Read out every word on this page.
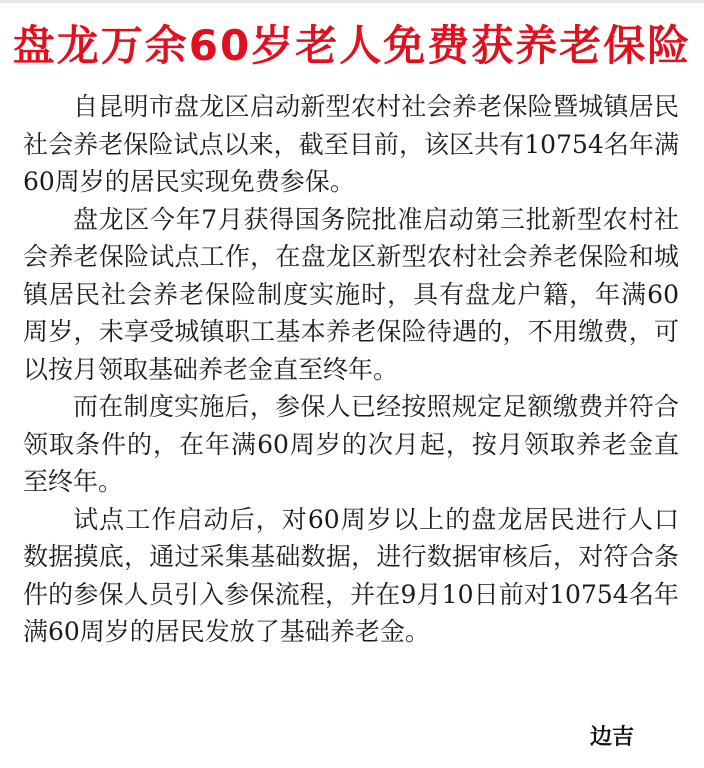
盘龙万余60岁老人免费获养老保险

自昆明市盘龙区启动新型农村社会养老保险暨城镇居民社会养老保险试点以来，截至目前，该区共有10754名年满60周岁的居民实现免费参保。

盘龙区今年7月获得国务院批准启动第三批新型农村社会养老保险试点工作，在盘龙区新型农村社会养老保险和城镇居民社会养老保险制度实施时，具有盘龙户籍，年满60周岁，未享受城镇职工基本养老保险待遇的，不用缴费，可以按月领取基础养老金直至终年。

而在制度实施后，参保人已经按照规定足额缴费并符合领取条件的，在年满60周岁的次月起，按月领取养老金直至终年。

试点工作启动后，对60周岁以上的盘龙居民进行人口数据摸底，通过采集基础数据，进行数据审核后，对符合条件的参保人员引入参保流程，并在9月10日前对10754名年满60周岁的居民发放了基础养老金。

边吉
